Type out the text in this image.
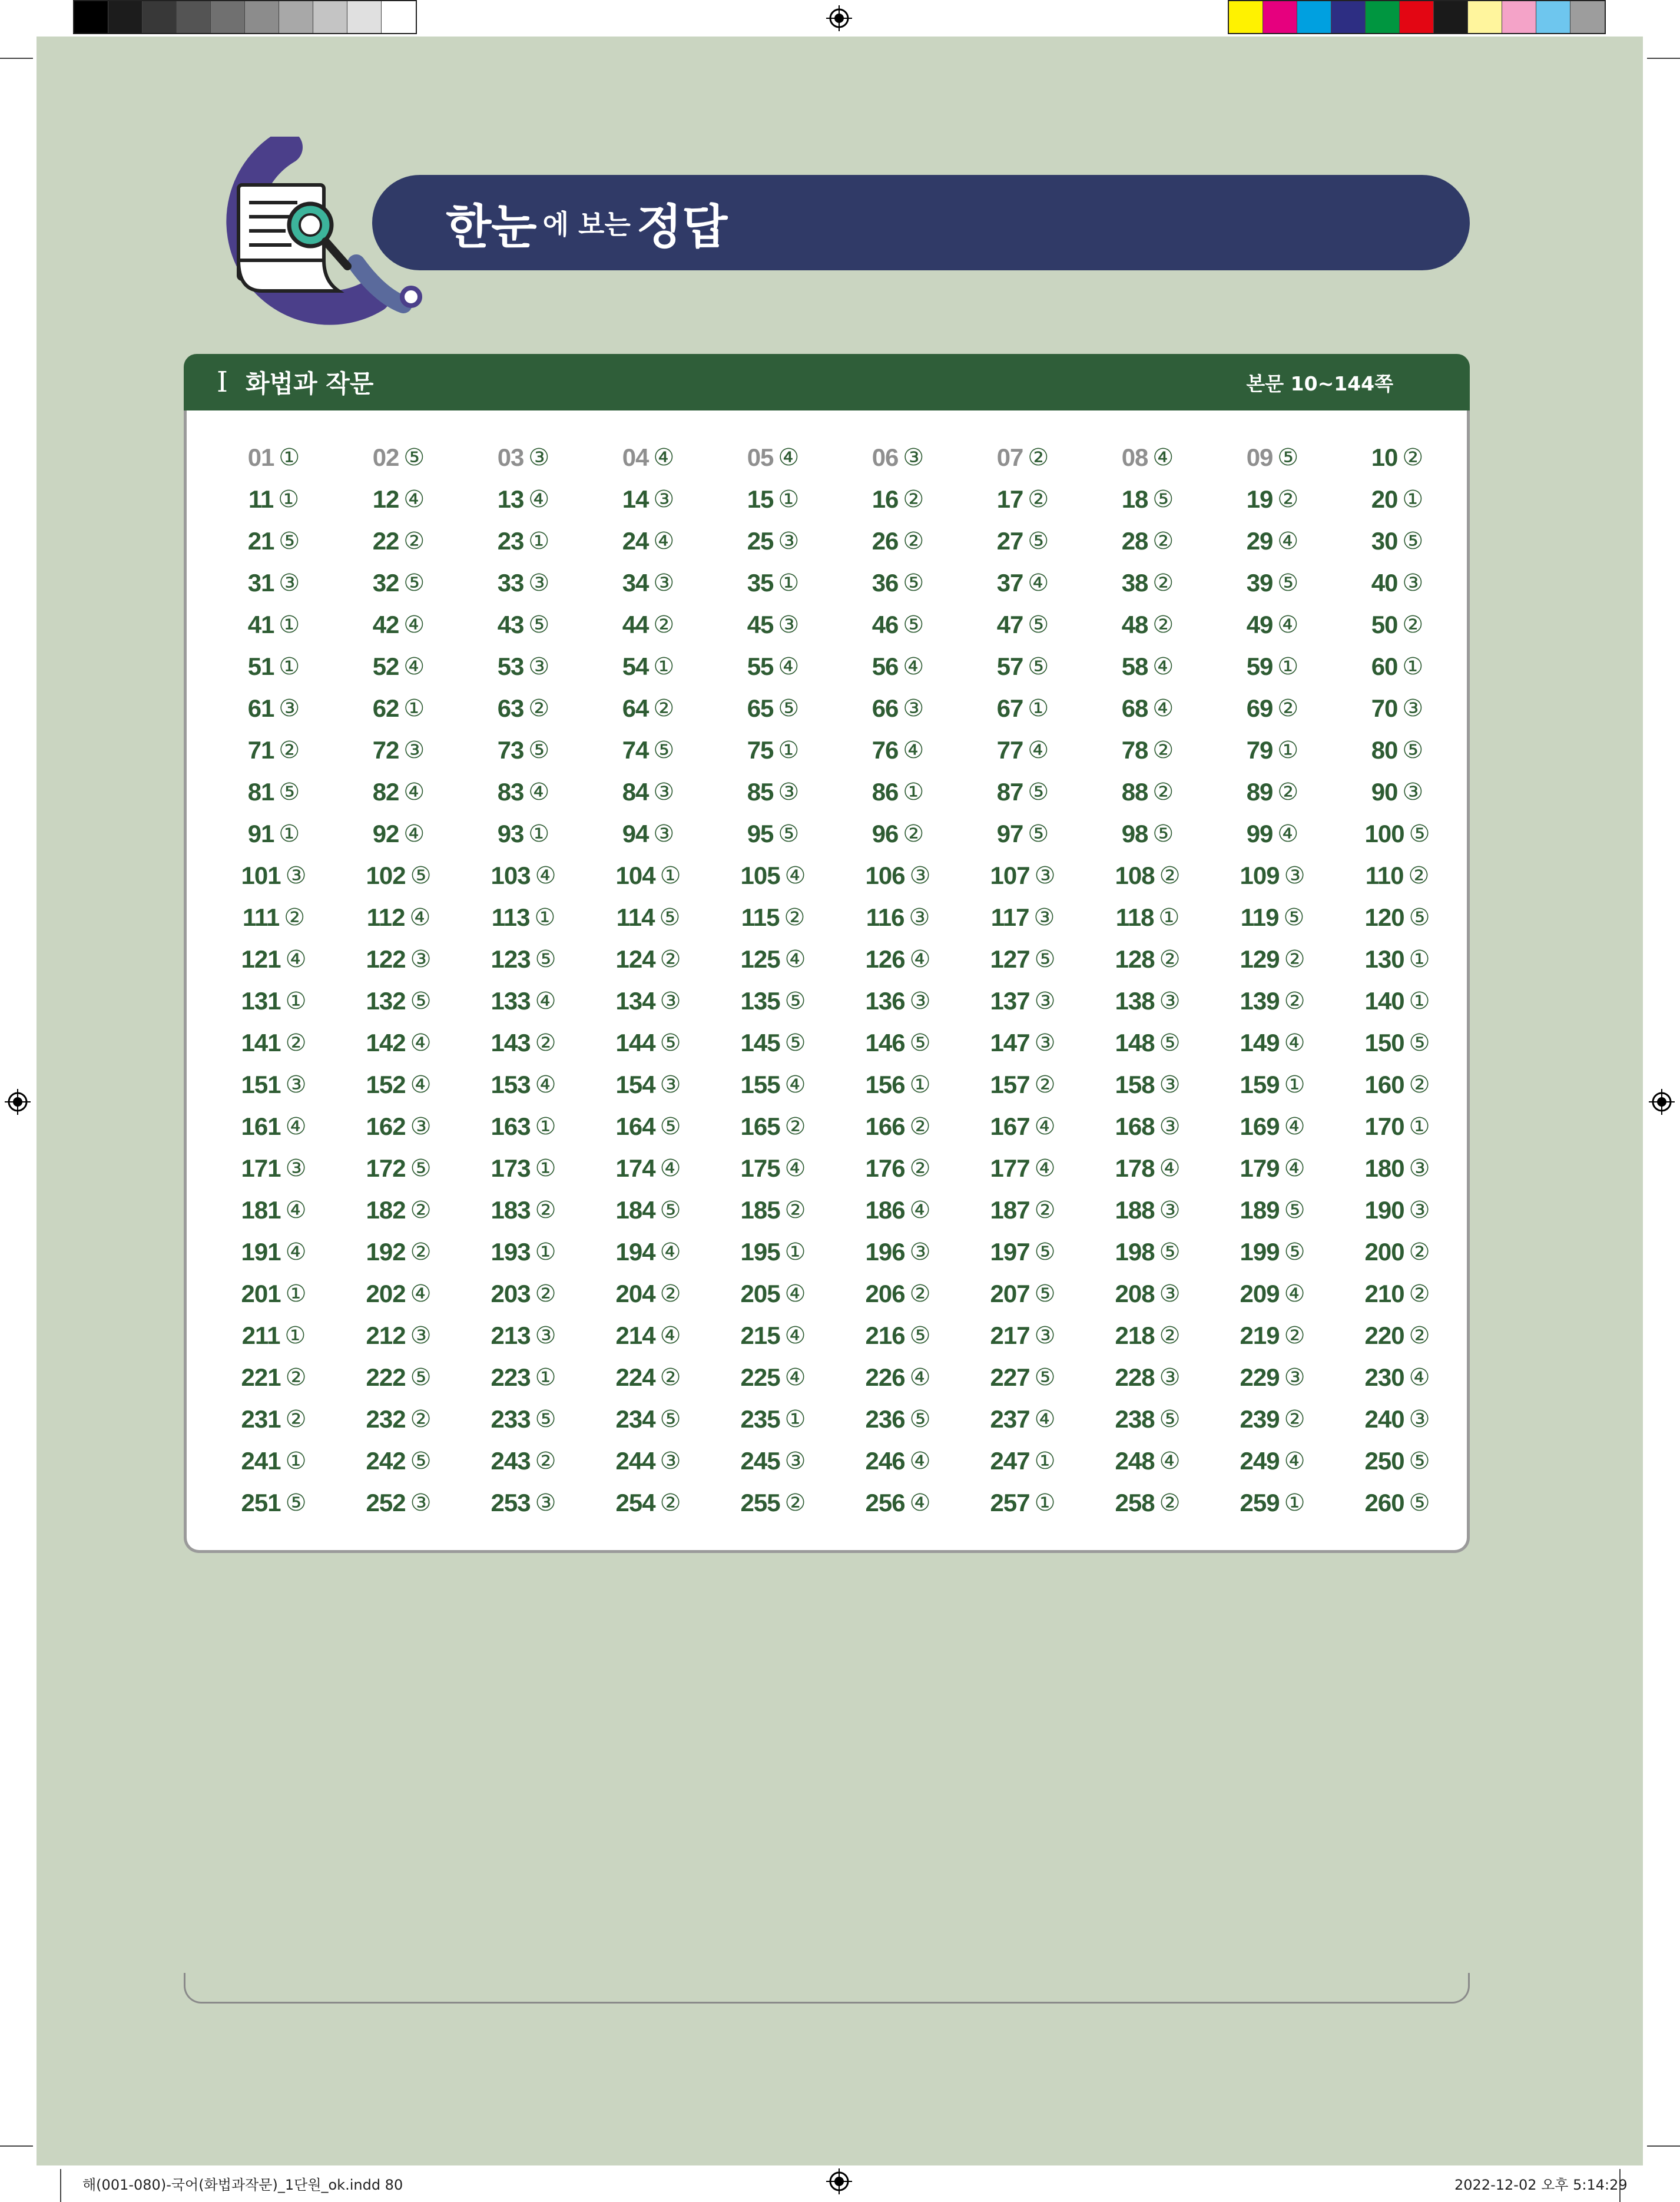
한눈 에 보는 정답
Ⅰ 화법과 작문	본문 10~144쪽
01 ①	02 ⑤	03 ③	04 ④	05 ④	06 ③	07 ②	08 ④	09 ⑤	10 ②
11 ①	12 ④	13 ④	14 ③	15 ①	16 ②	17 ②	18 ⑤	19 ②	20 ①
21 ⑤	22 ②	23 ①	24 ④	25 ③	26 ②	27 ⑤	28 ②	29 ④	30 ⑤
31 ③	32 ⑤	33 ③	34 ③	35 ①	36 ⑤	37 ④	38 ②	39 ⑤	40 ③
41 ①	42 ④	43 ⑤	44 ②	45 ③	46 ⑤	47 ⑤	48 ②	49 ④	50 ②
51 ①	52 ④	53 ③	54 ①	55 ④	56 ④	57 ⑤	58 ④	59 ①	60 ①
61 ③	62 ①	63 ②	64 ②	65 ⑤	66 ③	67 ①	68 ④	69 ②	70 ③
71 ②	72 ③	73 ⑤	74 ⑤	75 ①	76 ④	77 ④	78 ②	79 ①	80 ⑤
81 ⑤	82 ④	83 ④	84 ③	85 ③	86 ①	87 ⑤	88 ②	89 ②	90 ③
91 ①	92 ④	93 ①	94 ③	95 ⑤	96 ②	97 ⑤	98 ⑤	99 ④	100 ⑤
101 ③ 102 ⑤ 103 ④ 104 ① 105 ④ 106 ③ 107 ③ 108 ② 109 ③ 110 ②
111 ② 112 ④ 113 ① 114 ⑤ 115 ② 116 ③ 117 ③ 118 ① 119 ⑤ 120 ⑤
121 ④ 122 ③ 123 ⑤ 124 ② 125 ④ 126 ④ 127 ⑤ 128 ② 129 ② 130 ①
131 ① 132 ⑤ 133 ④ 134 ③ 135 ⑤ 136 ③ 137 ③ 138 ③ 139 ② 140 ①
141 ② 142 ④ 143 ② 144 ⑤ 145 ⑤ 146 ⑤ 147 ③ 148 ⑤ 149 ④ 150 ⑤
151 ③ 152 ④ 153 ④ 154 ③ 155 ④ 156 ① 157 ② 158 ③ 159 ① 160 ②
161 ④ 162 ③ 163 ① 164 ⑤ 165 ② 166 ② 167 ④ 168 ③ 169 ④ 170 ①
171 ③ 172 ⑤ 173 ① 174 ④ 175 ④ 176 ② 177 ④ 178 ④ 179 ④ 180 ③
181 ④ 182 ② 183 ② 184 ⑤ 185 ② 186 ④ 187 ② 188 ③ 189 ⑤ 190 ③
191 ④ 192 ② 193 ① 194 ④ 195 ① 196 ③ 197 ⑤ 198 ⑤ 199 ⑤ 200 ②
201 ① 202 ④ 203 ② 204 ② 205 ④ 206 ② 207 ⑤ 208 ③ 209 ④ 210 ②
211 ① 212 ③ 213 ③ 214 ④ 215 ④ 216 ⑤ 217 ③ 218 ② 219 ② 220 ②
221 ② 222 ⑤ 223 ① 224 ② 225 ④ 226 ④ 227 ⑤ 228 ③ 229 ③ 230 ④
231 ② 232 ② 233 ⑤ 234 ⑤ 235 ① 236 ⑤ 237 ④ 238 ⑤ 239 ② 240 ③
241 ① 242 ⑤ 243 ② 244 ③ 245 ③ 246 ④ 247 ① 248 ④ 249 ④ 250 ⑤
251 ⑤ 252 ③ 253 ③ 254 ② 255 ② 256 ④ 257 ① 258 ② 259 ① 260 ⑤
해(001-080)-국어(화법과작문)_1단원_ok.indd 80	2022-12-02 오후 5:14:29
